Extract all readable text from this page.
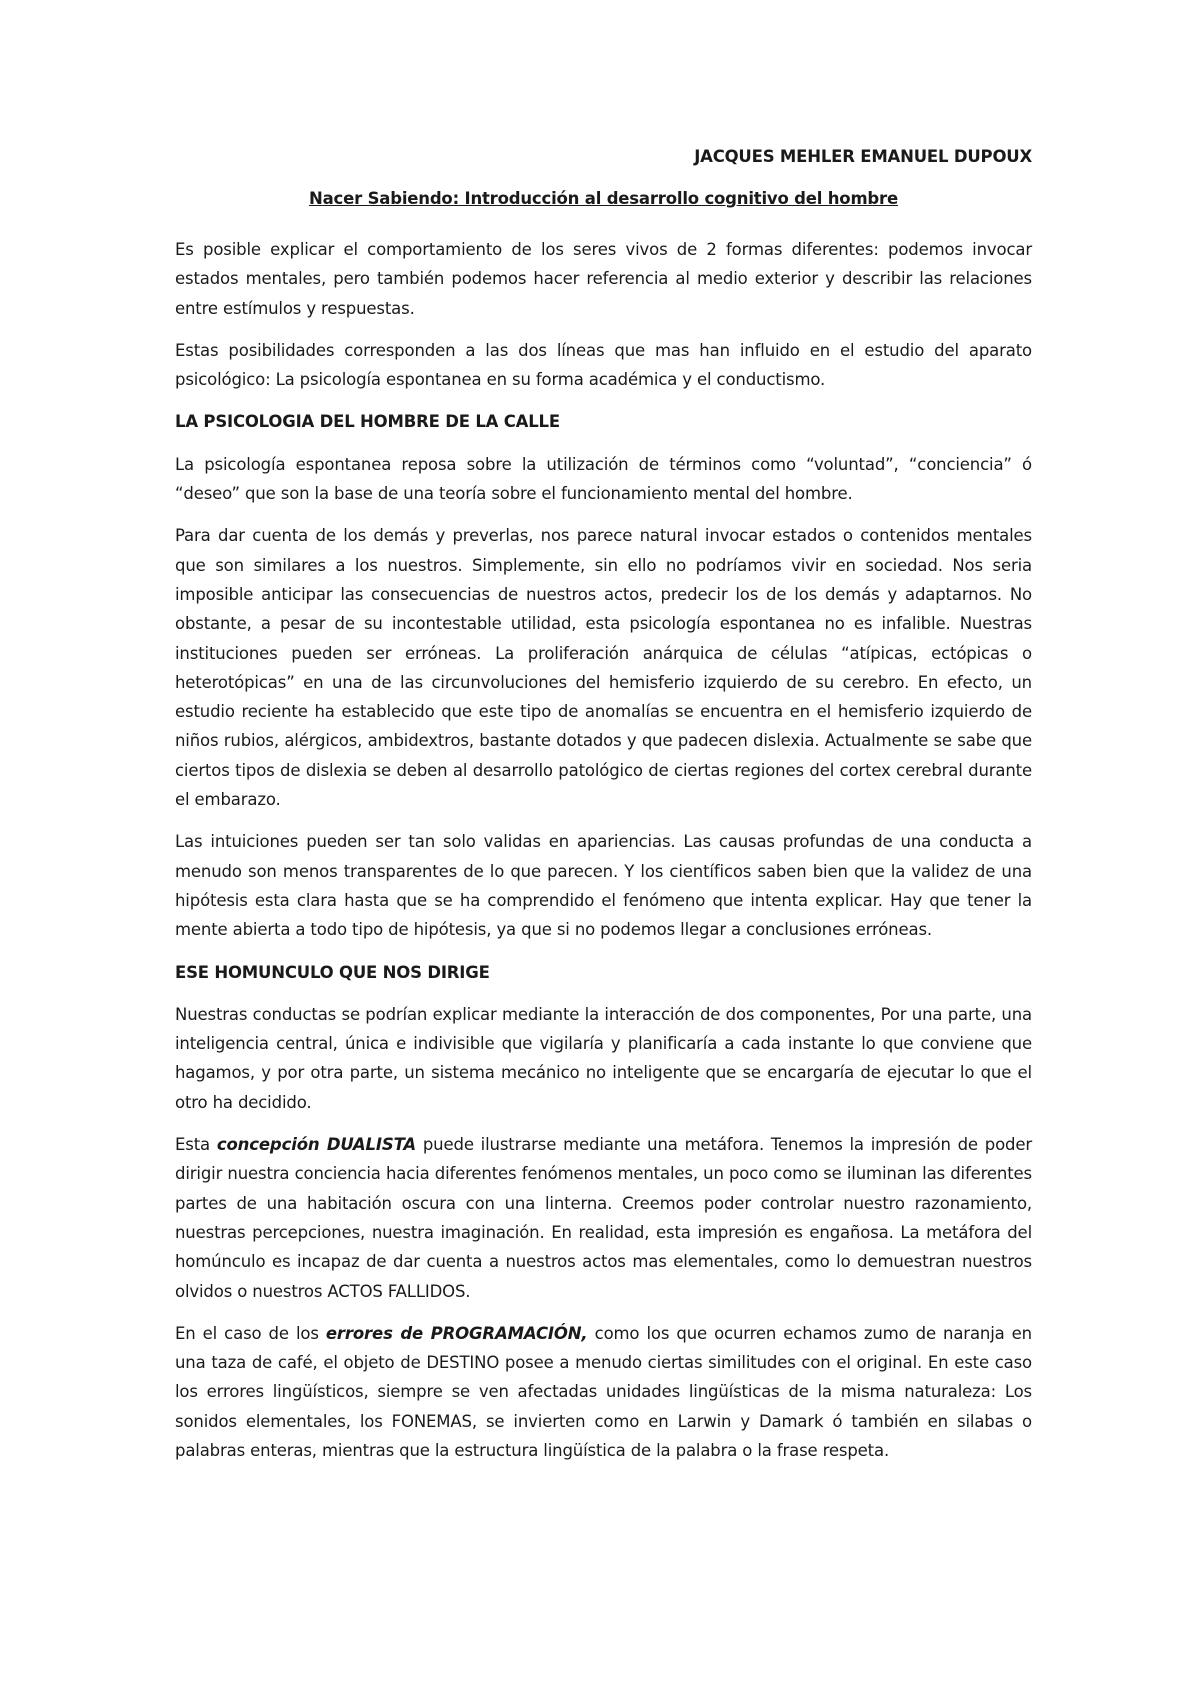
JACQUES MEHLER EMANUEL DUPOUX
Nacer Sabiendo: Introducción al desarrollo cognitivo del hombre

Es posible explicar el comportamiento de los seres vivos de 2 formas diferentes: podemos invocar estados mentales, pero también podemos hacer referencia al medio exterior y describir las relaciones entre estímulos y respuestas.

Estas posibilidades corresponden a las dos líneas que mas han influido en el estudio del aparato psicológico: La psicología espontanea en su forma académica y el conductismo.

LA PSICOLOGIA DEL HOMBRE DE LA CALLE

La psicología espontanea reposa sobre la utilización de términos como “voluntad”, “conciencia” ó “deseo” que son la base de una teoría sobre el funcionamiento mental del hombre.

Para dar cuenta de los demás y preverlas, nos parece natural invocar estados o contenidos mentales que son similares a los nuestros. Simplemente, sin ello no podríamos vivir en sociedad. Nos seria imposible anticipar las consecuencias de nuestros actos, predecir los de los demás y adaptarnos. No obstante, a pesar de su incontestable utilidad, esta psicología espontanea no es infalible. Nuestras instituciones pueden ser erróneas. La proliferación anárquica de células “atípicas, ectópicas o heterotópicas” en una de las circunvoluciones del hemisferio izquierdo de su cerebro. En efecto, un estudio reciente ha establecido que este tipo de anomalías se encuentra en el hemisferio izquierdo de niños rubios, alérgicos, ambidextros, bastante dotados y que padecen dislexia. Actualmente se sabe que ciertos tipos de dislexia se deben al desarrollo patológico de ciertas regiones del cortex cerebral durante el embarazo.

Las intuiciones pueden ser tan solo validas en apariencias. Las causas profundas de una conducta a menudo son menos transparentes de lo que parecen. Y los científicos saben bien que la validez de una hipótesis esta clara hasta que se ha comprendido el fenómeno que intenta explicar. Hay que tener la mente abierta a todo tipo de hipótesis, ya que si no podemos llegar a conclusiones erróneas.

ESE HOMUNCULO QUE NOS DIRIGE

Nuestras conductas se podrían explicar mediante la interacción de dos componentes, Por una parte, una inteligencia central, única e indivisible que vigilaría y planificaría a cada instante lo que conviene que hagamos, y por otra parte, un sistema mecánico no inteligente que se encargaría de ejecutar lo que el otro ha decidido.

Esta concepción DUALISTA puede ilustrarse mediante una metáfora. Tenemos la impresión de poder dirigir nuestra conciencia hacia diferentes fenómenos mentales, un poco como se iluminan las diferentes partes de una habitación oscura con una linterna. Creemos poder controlar nuestro razonamiento, nuestras percepciones, nuestra imaginación. En realidad, esta impresión es engañosa. La metáfora del homúnculo es incapaz de dar cuenta a nuestros actos mas elementales, como lo demuestran nuestros olvidos o nuestros ACTOS FALLIDOS.

En el caso de los errores de PROGRAMACIÓN, como los que ocurren echamos zumo de naranja en una taza de café, el objeto de DESTINO posee a menudo ciertas similitudes con el original. En este caso los errores lingüísticos, siempre se ven afectadas unidades lingüísticas de la misma naturaleza: Los sonidos elementales, los FONEMAS, se invierten como en Larwin y Damark ó también en silabas o palabras enteras, mientras que la estructura lingüística de la palabra o la frase respeta.
